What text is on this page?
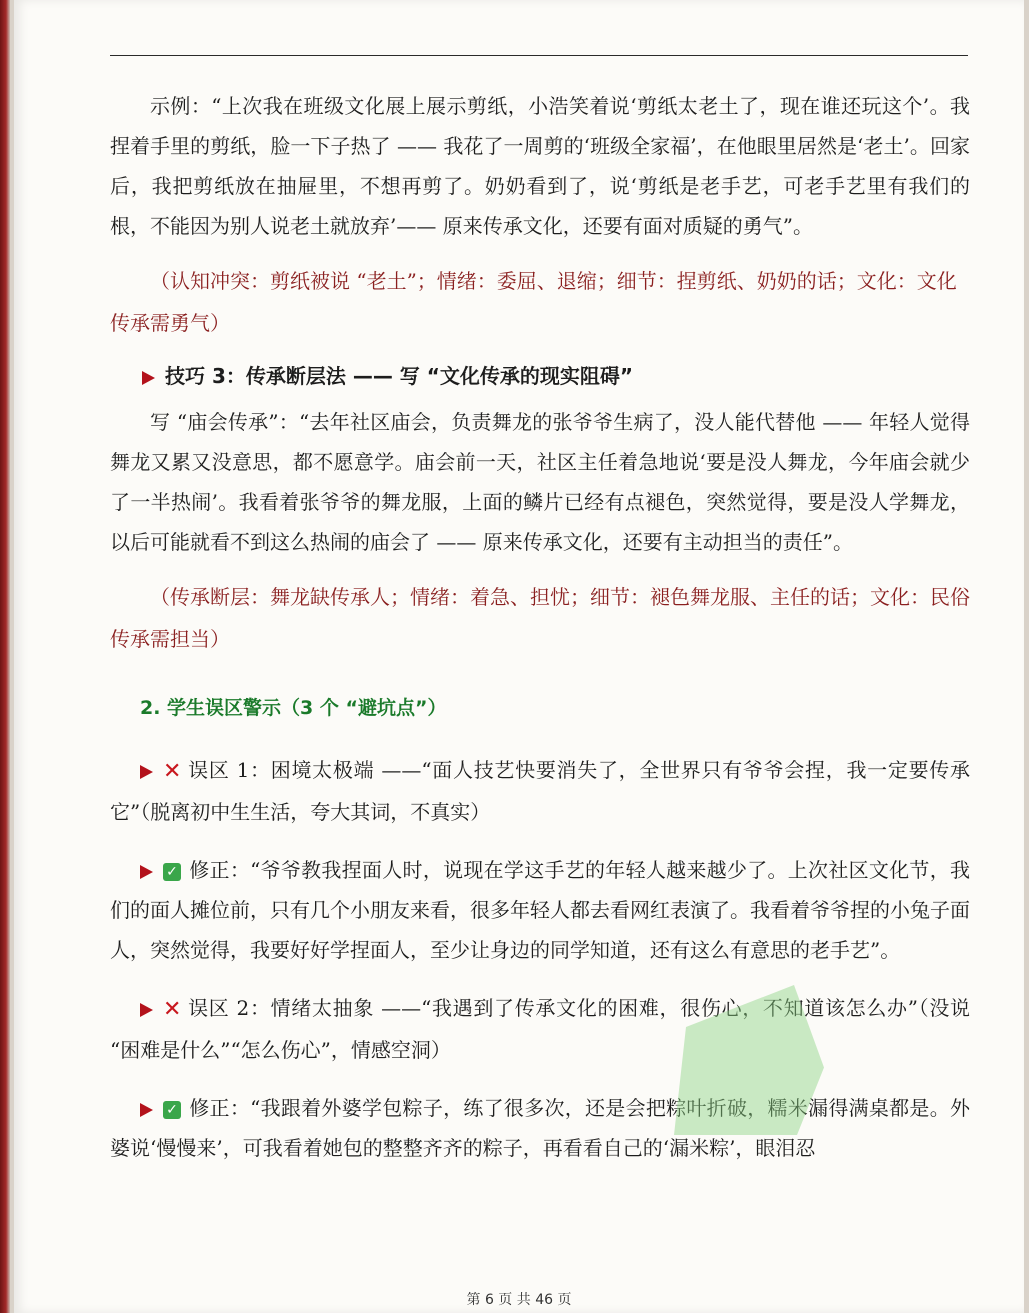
示例：“上次我在班级文化展上展示剪纸，小浩笑着说‘剪纸太老土了，现在谁还玩这个’。我捏着手里的剪纸，脸一下子热了 —— 我花了一周剪的‘班级全家福’，在他眼里居然是‘老土’。回家后，我把剪纸放在抽屉里，不想再剪了。奶奶看到了，说‘剪纸是老手艺，可老手艺里有我们的根，不能因为别人说老土就放弃’—— 原来传承文化，还要有面对质疑的勇气”。

（认知冲突：剪纸被说 “老土”；情绪：委屈、退缩；细节：捏剪纸、奶奶的话；文化：文化传承需勇气）

技巧 3：传承断层法 —— 写 “文化传承的现实阻碍”

写 “庙会传承”：“去年社区庙会，负责舞龙的张爷爷生病了，没人能代替他 —— 年轻人觉得舞龙又累又没意思，都不愿意学。庙会前一天，社区主任着急地说‘要是没人舞龙，今年庙会就少了一半热闹’。我看着张爷爷的舞龙服，上面的鳞片已经有点褪色，突然觉得，要是没人学舞龙，以后可能就看不到这么热闹的庙会了 —— 原来传承文化，还要有主动担当的责任”。

（传承断层：舞龙缺传承人；情绪：着急、担忧；细节：褪色舞龙服、主任的话；文化：民俗传承需担当）

2. 学生误区警示（3 个 “避坑点”）

✕ 误区 1：困境太极端 ——“面人技艺快要消失了，全世界只有爷爷会捏，我一定要传承它”（脱离初中生生活，夸大其词，不真实）

✓ 修正：“爷爷教我捏面人时，说现在学这手艺的年轻人越来越少了。上次社区文化节，我们的面人摊位前，只有几个小朋友来看，很多年轻人都去看网红表演了。我看着爷爷捏的小兔子面人，突然觉得，我要好好学捏面人，至少让身边的同学知道，还有这么有意思的老手艺”。

✕ 误区 2：情绪太抽象 ——“我遇到了传承文化的困难，很伤心，不知道该怎么办”（没说 “困难是什么”“怎么伤心”，情感空洞）

✓ 修正：“我跟着外婆学包粽子，练了很多次，还是会把粽叶折破，糯米漏得满桌都是。外婆说‘慢慢来’，可我看着她包的整整齐齐的粽子，再看看自己的‘漏米粽’，眼泪忍

第 6 页 共 46 页
